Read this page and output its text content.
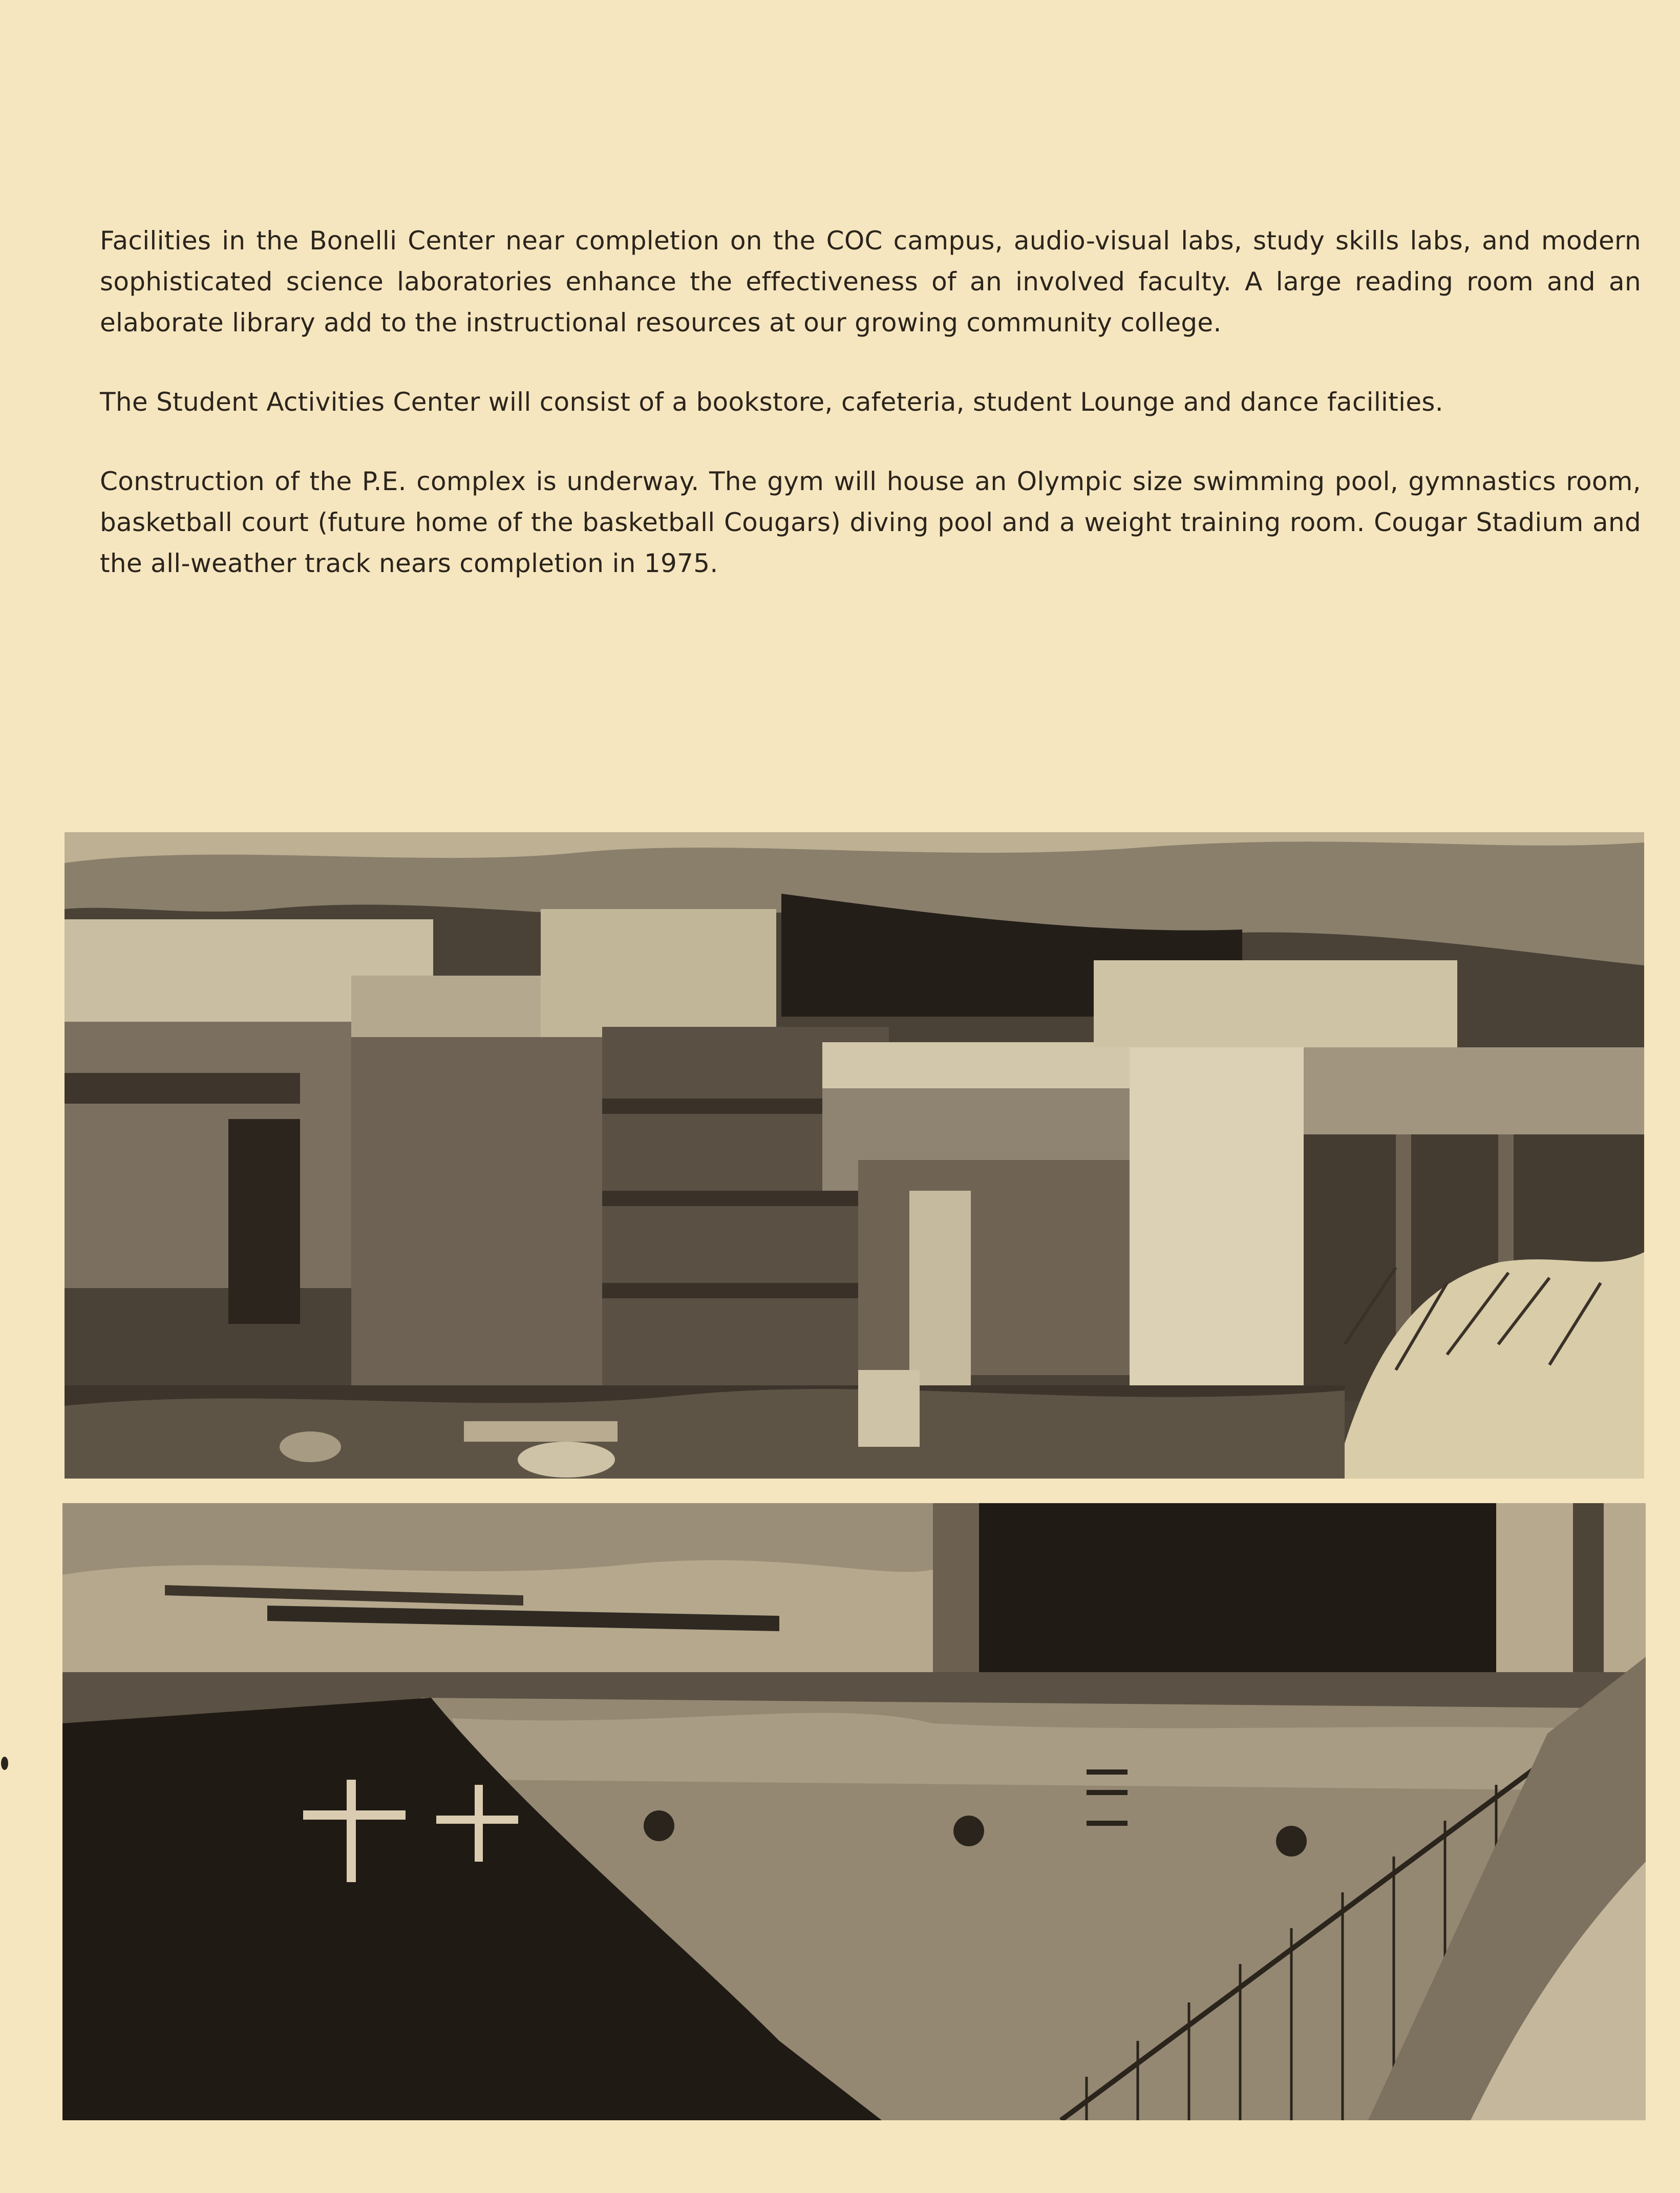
Facilities in the Bonelli Center near completion on the COC campus, audio-visual labs, study skills labs, and modern sophisticated science laboratories enhance the effectiveness of an involved faculty. A large reading room and an elaborate library add to the instructional resources at our growing community college.

The Student Activities Center will consist of a bookstore, cafeteria, student Lounge and dance facilities.

Construction of the P.E. complex is underway. The gym will house an Olympic size swimming pool, gymnastics room, basketball court (future home of the basketball Cougars) diving pool and a weight training room. Cougar Stadium and the all-weather track nears completion in 1975.
